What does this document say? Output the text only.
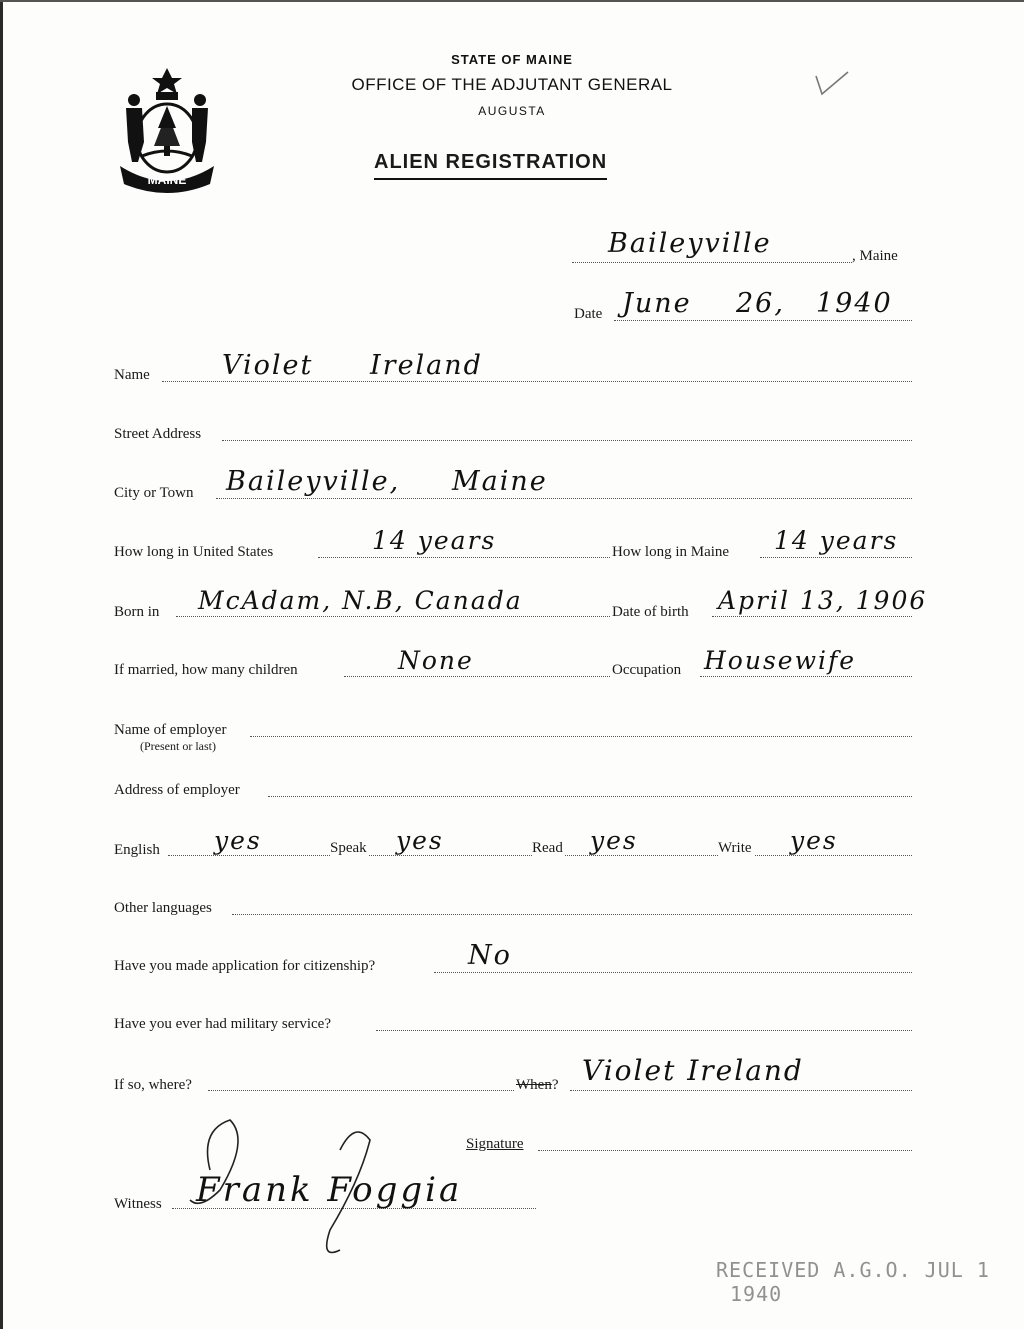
MAINE
STATE OF MAINE
OFFICE OF THE ADJUTANT GENERAL
AUGUSTA
ALIEN REGISTRATION
Baileyville	, Maine
Date June 26, 1940
Name	Violet Ireland
Street Address
City or Town Baileyville, Maine
How long in United States	14 years	How long in Maine 14 years
Born in McAdam, N.B, Canada	Date of birth April 13, 1906
If married, how many children	None	Occupation Housewife
Name of employer
(Present or last)
Address of employer
English yes	Speak yes	Read yes	Write yes
Other languages
Have you made application for citizenship?	No
Have you ever had military service?
If so, where?	When? Violet Ireland
Signature
Witness Frank Foggia
RECEIVED A.G.O. JUL 1 1940
